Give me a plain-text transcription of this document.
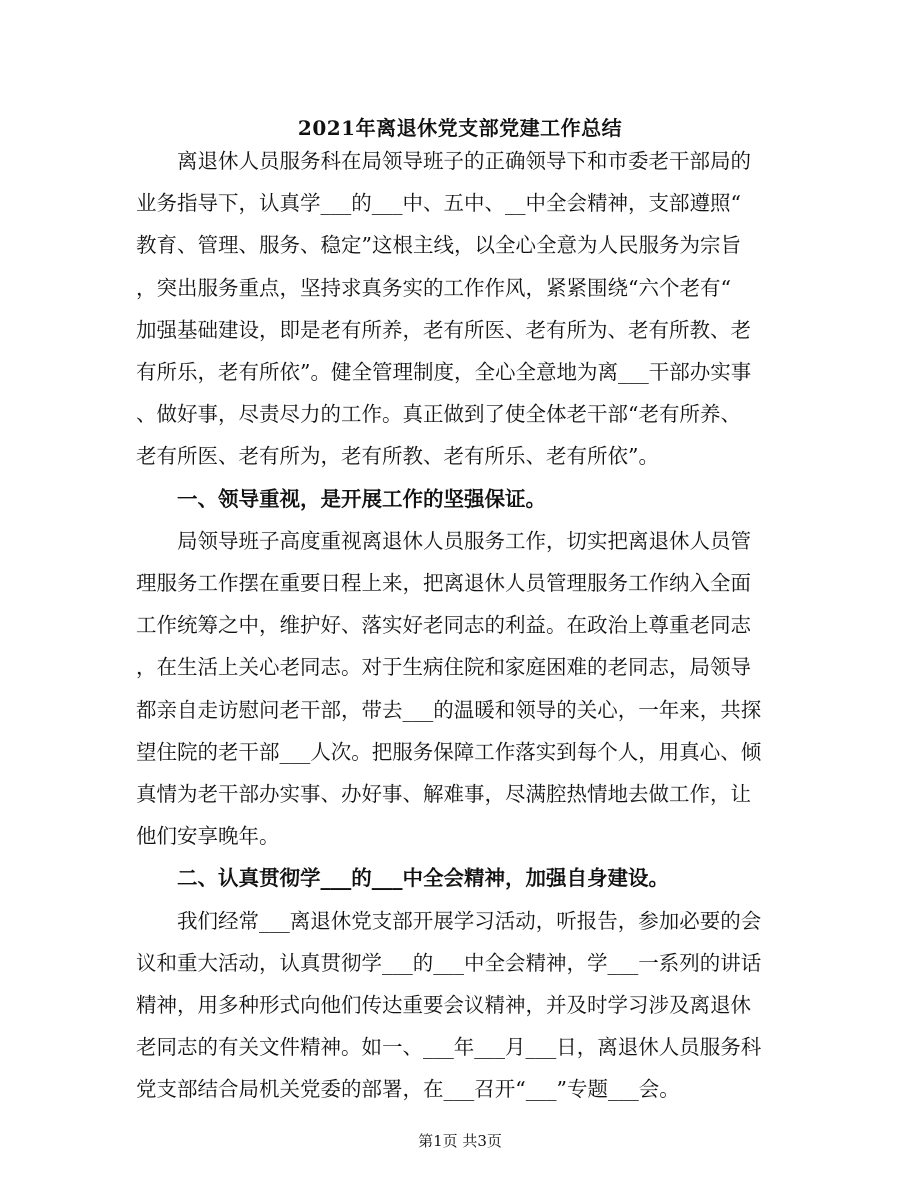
2021年离退休党支部党建工作总结

　　离退休人员服务科在局领导班子的正确领导下和市委老干部局的

业务指导下，认真学___的___中、五中、__中全会精神，支部遵照“

教育、管理、服务、稳定”这根主线，以全心全意为人民服务为宗旨

，突出服务重点，坚持求真务实的工作作风，紧紧围绕“六个老有“

加强基础建设，即是老有所养，老有所医、老有所为、老有所教、老

有所乐，老有所依”。健全管理制度，全心全意地为离___干部办实事

、做好事，尽责尽力的工作。真正做到了使全体老干部“老有所养、

老有所医、老有所为，老有所教、老有所乐、老有所依”。

　　一、领导重视，是开展工作的坚强保证。

　　局领导班子高度重视离退休人员服务工作，切实把离退休人员管

理服务工作摆在重要日程上来，把离退休人员管理服务工作纳入全面

工作统筹之中，维护好、落实好老同志的利益。在政治上尊重老同志

，在生活上关心老同志。对于生病住院和家庭困难的老同志，局领导

都亲自走访慰问老干部，带去___的温暖和领导的关心，一年来，共探

望住院的老干部___人次。把服务保障工作落实到每个人，用真心、倾

真情为老干部办实事、办好事、解难事，尽满腔热情地去做工作，让

他们安享晚年。

　　二、认真贯彻学___的___中全会精神，加强自身建设。

　　我们经常___离退休党支部开展学习活动，听报告，参加必要的会

议和重大活动，认真贯彻学___的___中全会精神，学___一系列的讲话

精神，用多种形式向他们传达重要会议精神，并及时学习涉及离退休

老同志的有关文件精神。如一、___年___月___日，离退休人员服务科

党支部结合局机关党委的部署，在___召开“___”专题___会。

第1页 共3页
